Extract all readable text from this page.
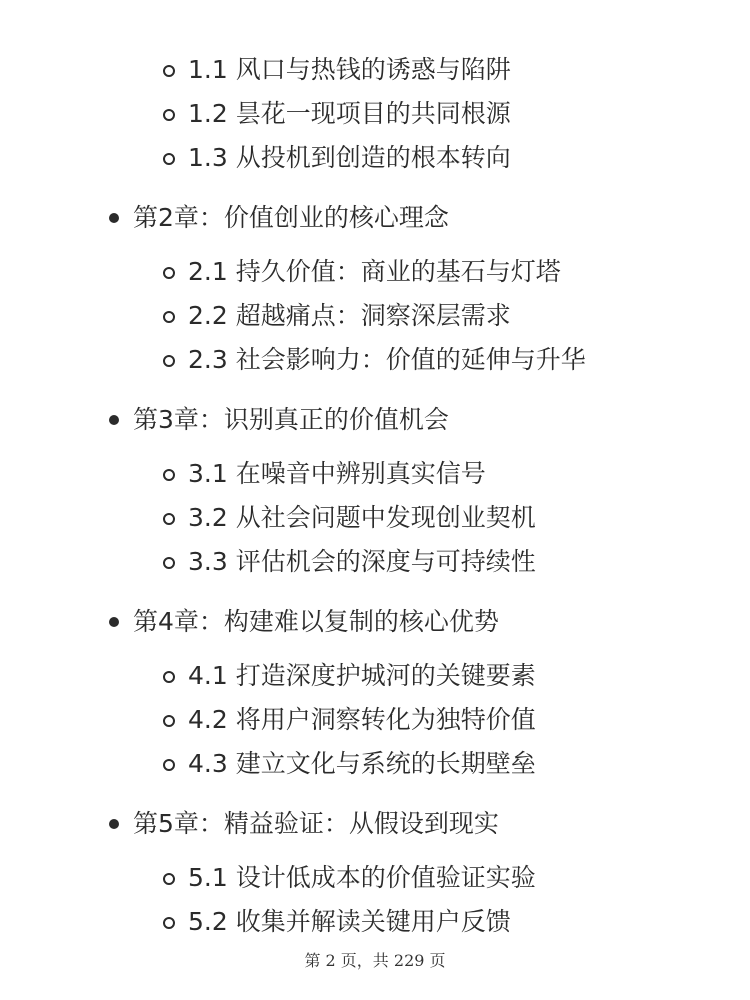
1.1 风口与热钱的诱惑与陷阱
1.2 昙花一现项目的共同根源
1.3 从投机到创造的根本转向
第2章：价值创业的核心理念
2.1 持久价值：商业的基石与灯塔
2.2 超越痛点：洞察深层需求
2.3 社会影响力：价值的延伸与升华
第3章：识别真正的价值机会
3.1 在噪音中辨别真实信号
3.2 从社会问题中发现创业契机
3.3 评估机会的深度与可持续性
第4章：构建难以复制的核心优势
4.1 打造深度护城河的关键要素
4.2 将用户洞察转化为独特价值
4.3 建立文化与系统的长期壁垒
第5章：精益验证：从假设到现实
5.1 设计低成本的价值验证实验
5.2 收集并解读关键用户反馈
第 2 页，共 229 页
